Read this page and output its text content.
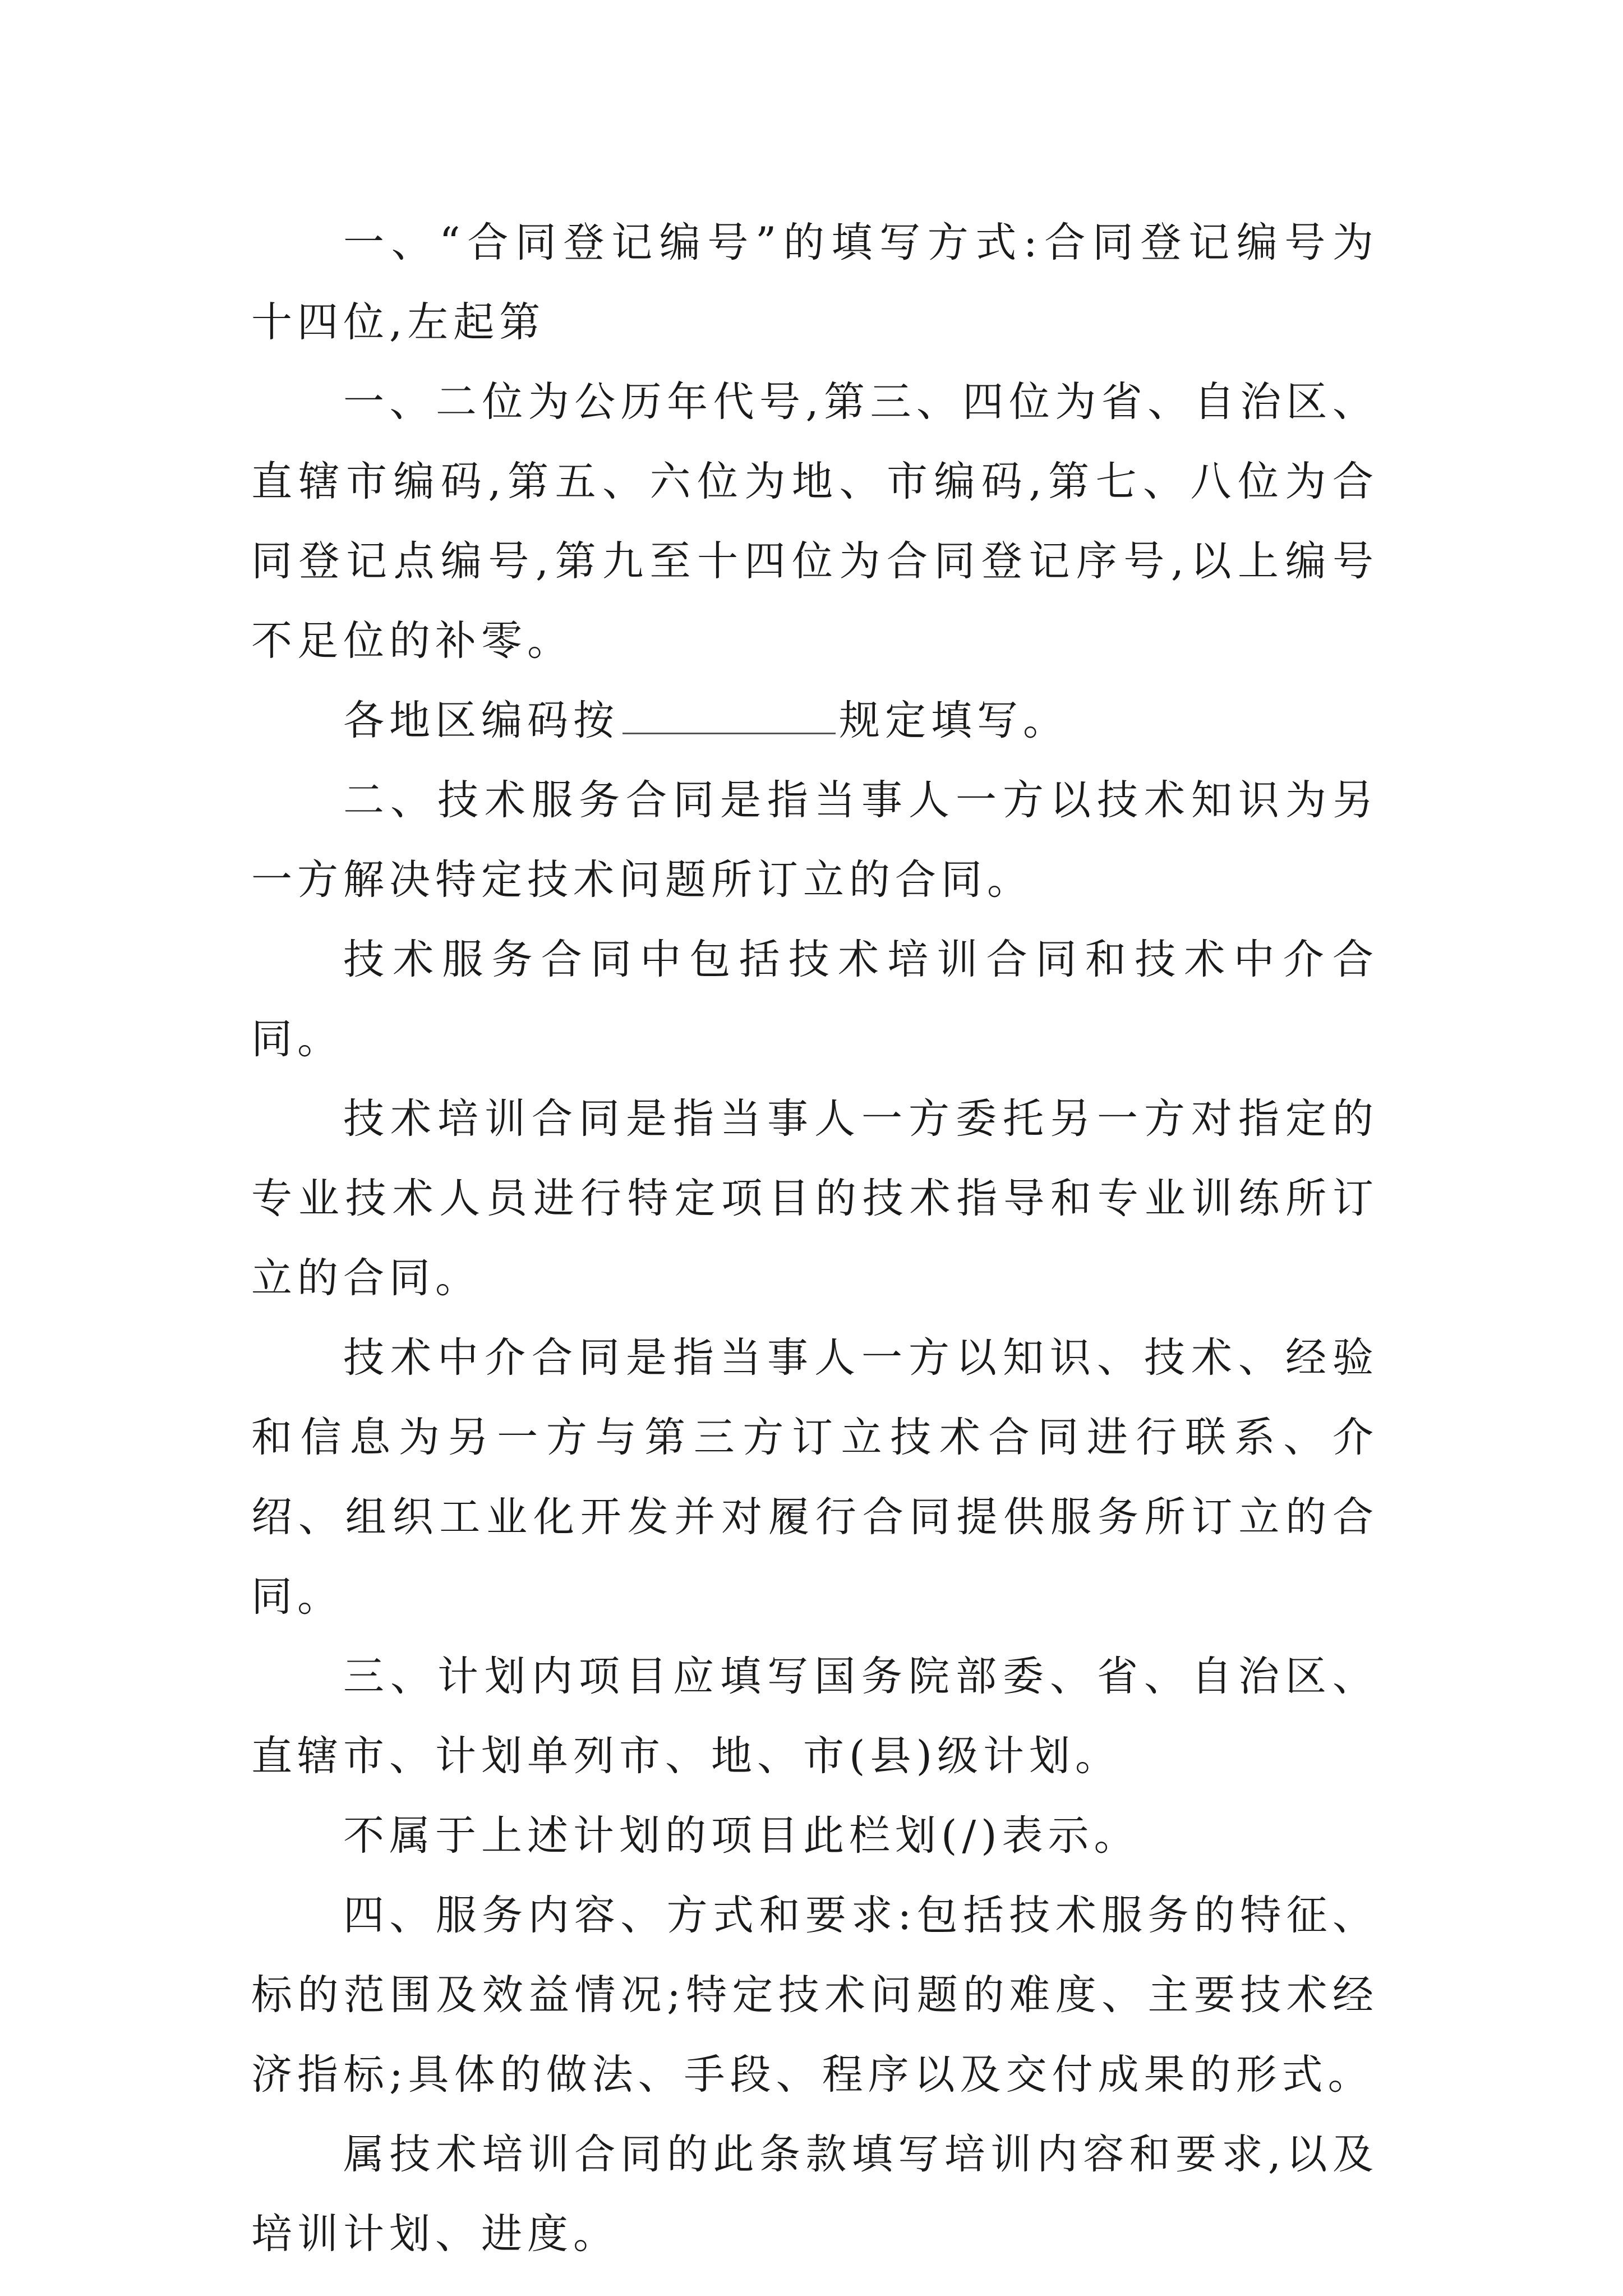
一、“合同登记编号”的填写方式:合同登记编号为十四位,左起第

一、二位为公历年代号,第三、四位为省、自治区、直辖市编码,第五、六位为地、市编码,第七、八位为合同登记点编号,第九至十四位为合同登记序号,以上编号不足位的补零。

各地区编码按	规定填写。

二、技术服务合同是指当事人一方以技术知识为另一方解决特定技术问题所订立的合同。

技术服务合同中包括技术培训合同和技术中介合同。

技术培训合同是指当事人一方委托另一方对指定的专业技术人员进行特定项目的技术指导和专业训练所订立的合同。

技术中介合同是指当事人一方以知识、技术、经验和信息为另一方与第三方订立技术合同进行联系、介绍、组织工业化开发并对履行合同提供服务所订立的合同。

三、计划内项目应填写国务院部委、省、自治区、直辖市、计划单列市、地、市(县)级计划。

不属于上述计划的项目此栏划(/)表示。

四、服务内容、方式和要求:包括技术服务的特征、标的范围及效益情况;特定技术问题的难度、主要技术经济指标;具体的做法、手段、程序以及交付成果的形式。

属技术培训合同的此条款填写培训内容和要求,以及培训计划、进度。
